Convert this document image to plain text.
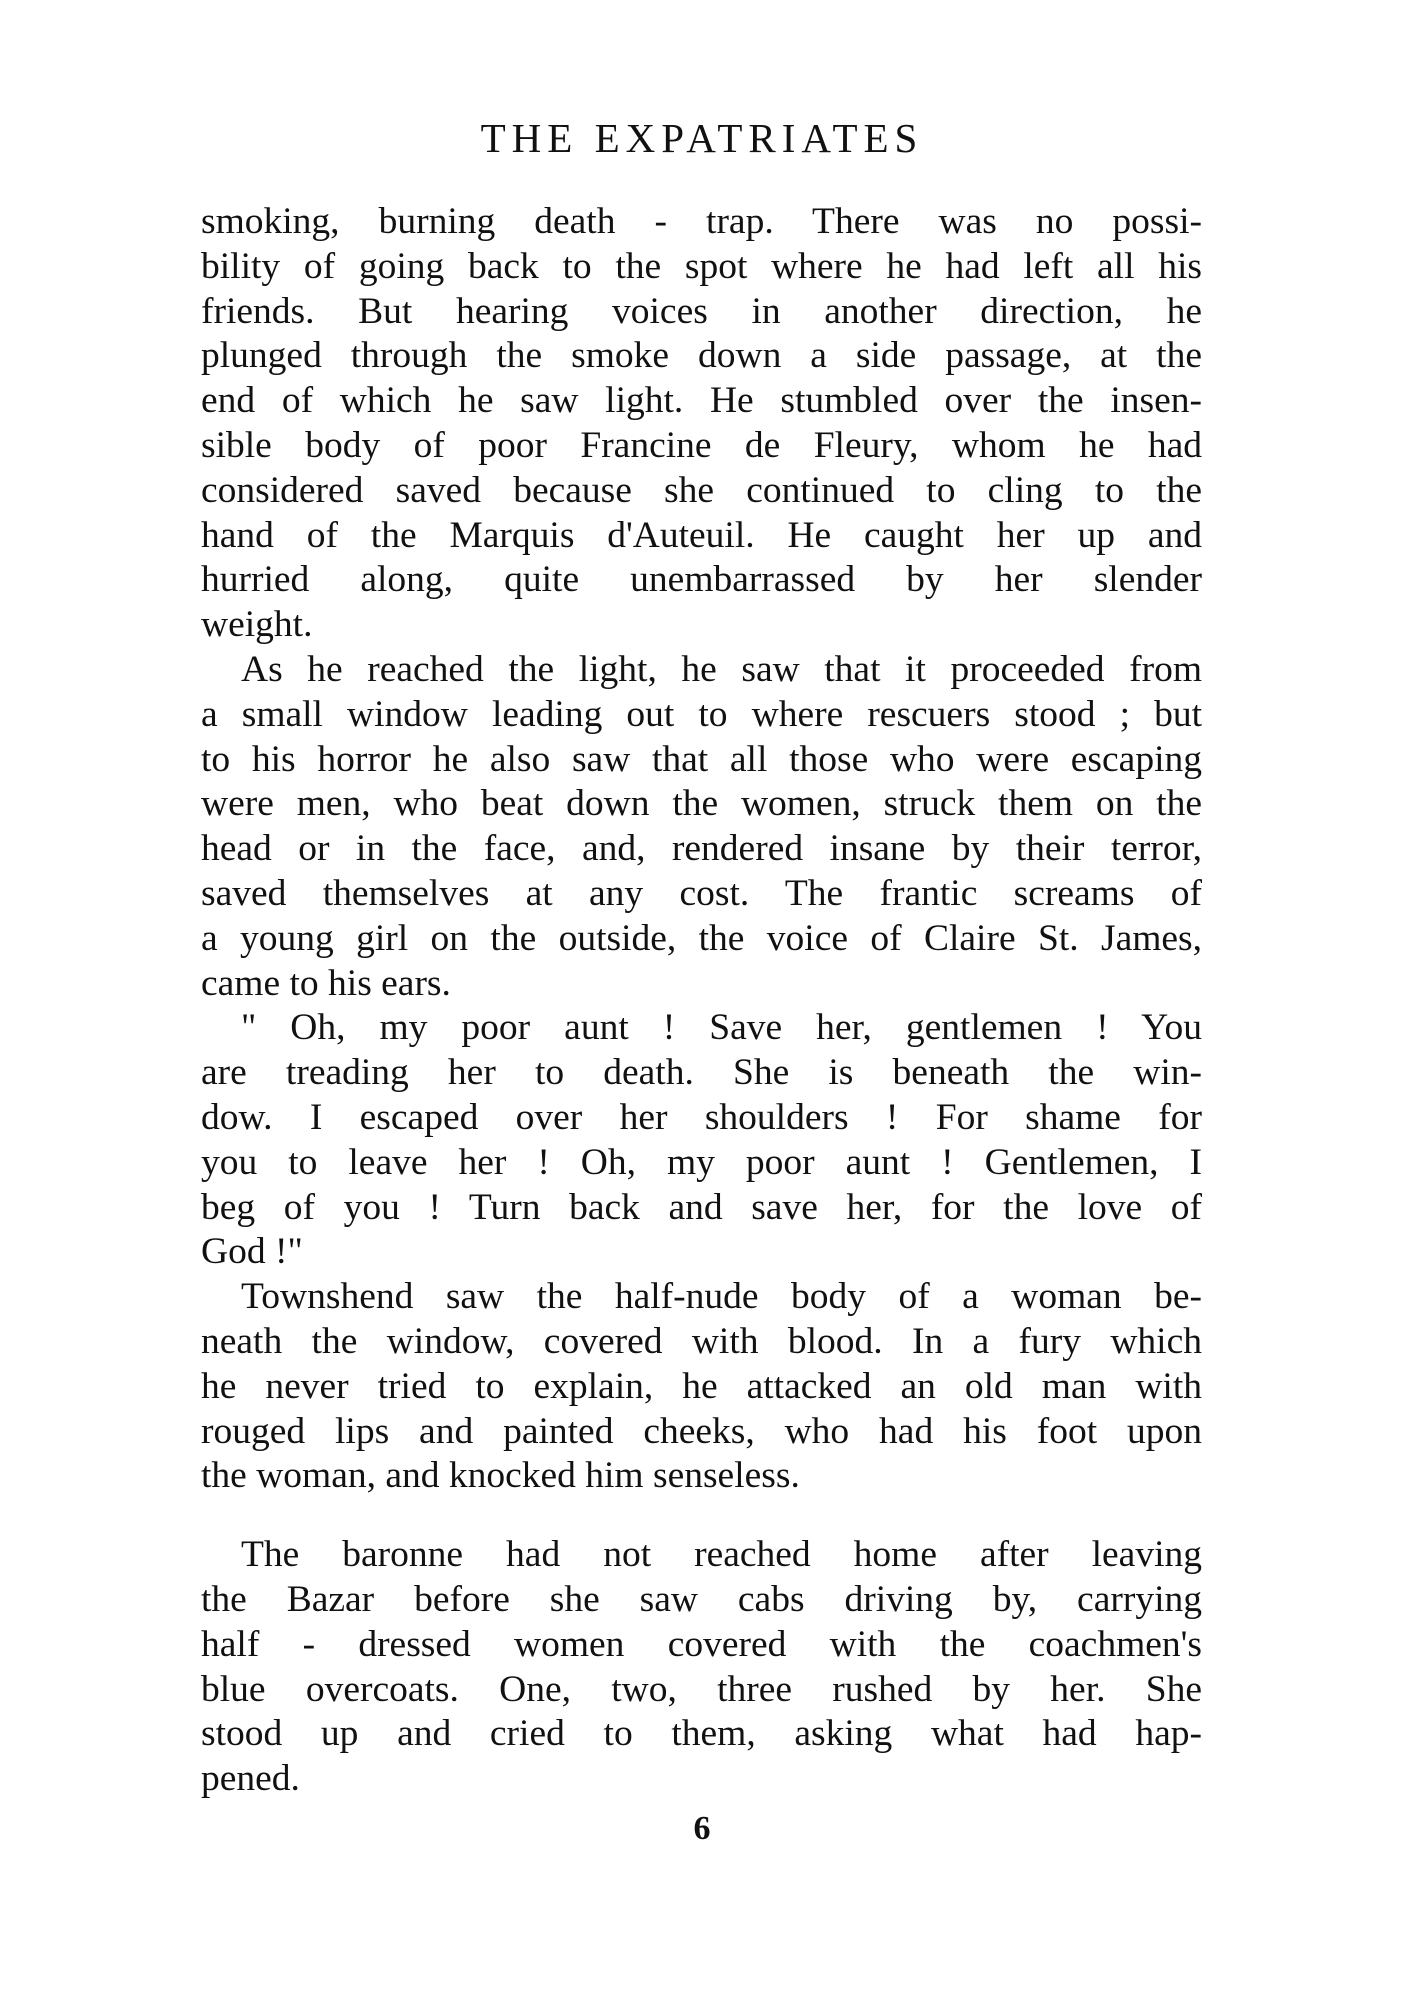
THE EXPATRIATES
smoking, burning death - trap. There was no possi-
bility of going back to the spot where he had left all his
friends. But hearing voices in another direction, he
plunged through the smoke down a side passage, at the
end of which he saw light. He stumbled over the insen-
sible body of poor Francine de Fleury, whom he had
considered saved because she continued to cling to the
hand of the Marquis d'Auteuil. He caught her up and
hurried along, quite unembarrassed by her slender
weight.
As he reached the light, he saw that it proceeded from
a small window leading out to where rescuers stood ; but
to his horror he also saw that all those who were escaping
were men, who beat down the women, struck them on the
head or in the face, and, rendered insane by their terror,
saved themselves at any cost. The frantic screams of
a young girl on the outside, the voice of Claire St. James,
came to his ears.
" Oh, my poor aunt ! Save her, gentlemen ! You
are treading her to death. She is beneath the win-
dow. I escaped over her shoulders ! For shame for
you to leave her ! Oh, my poor aunt ! Gentlemen, I
beg of you ! Turn back and save her, for the love of
God !"
Townshend saw the half-nude body of a woman be-
neath the window, covered with blood. In a fury which
he never tried to explain, he attacked an old man with
rouged lips and painted cheeks, who had his foot upon
the woman, and knocked him senseless.
The baronne had not reached home after leaving
the Bazar before she saw cabs driving by, carrying
half - dressed women covered with the coachmen's
blue overcoats. One, two, three rushed by her. She
stood up and cried to them, asking what had hap-
pened.
6
